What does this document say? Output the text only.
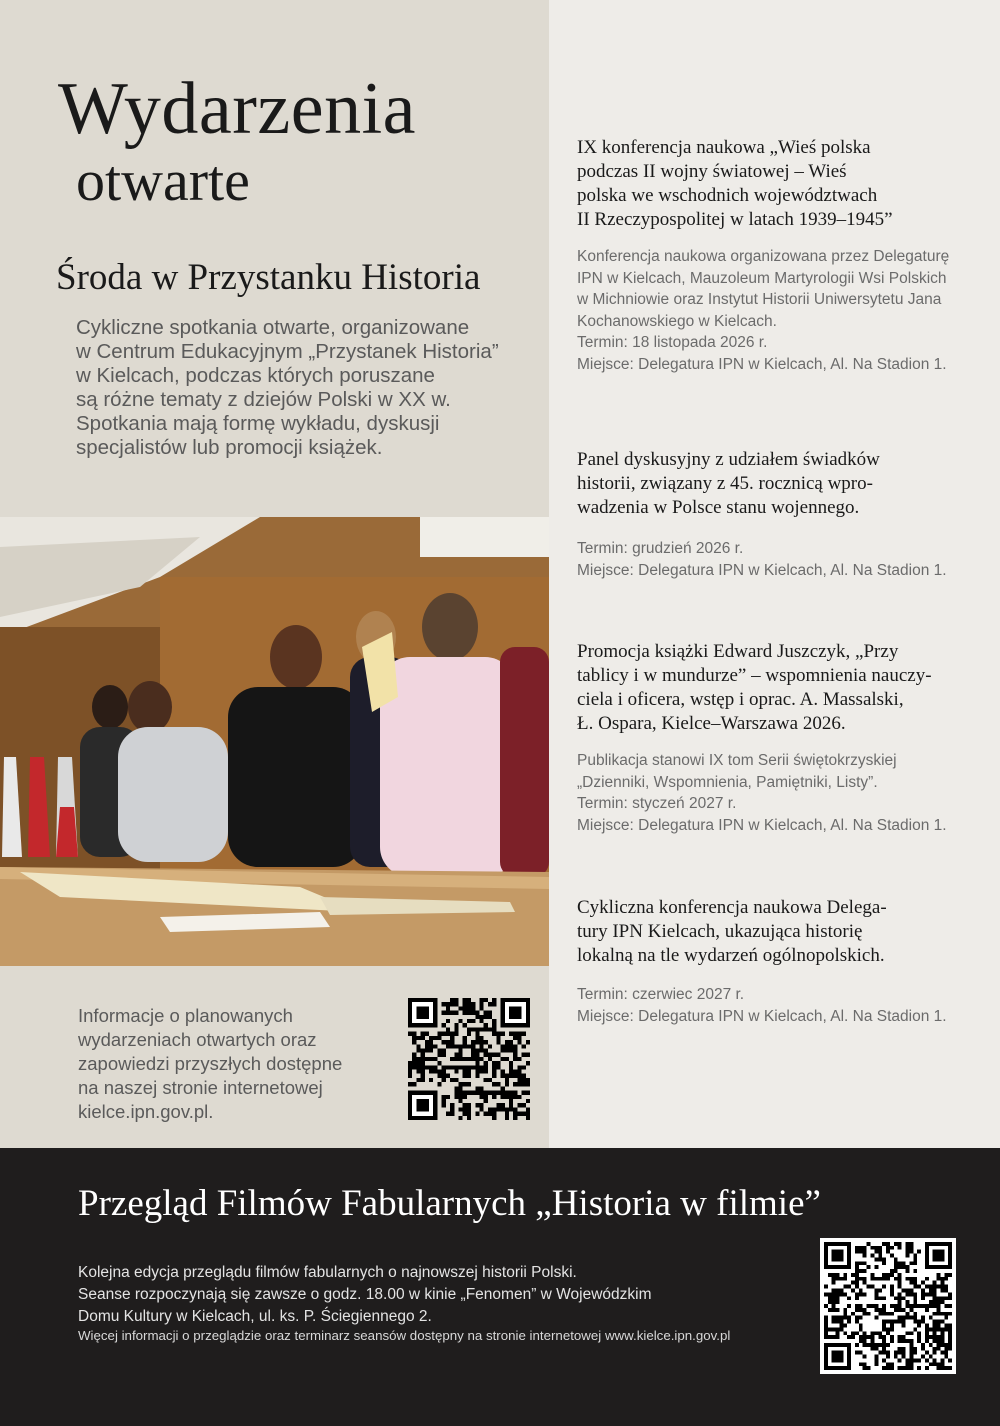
Wydarzenia
otwarte
Środa w Przystanku Historia
Cykliczne spotkania otwarte, organizowane
w Centrum Edukacyjnym „Przystanek Historia”
w Kielcach, podczas których poruszane
są różne tematy z dziejów Polski w XX w.
Spotkania mają formę wykładu, dyskusji
specjalistów lub promocji książek.
Informacje o planowanych
wydarzeniach otwartych oraz
zapowiedzi przyszłych dostępne
na naszej stronie internetowej
kielce.ipn.gov.pl.
IX konferencja naukowa „Wieś polska
podczas II wojny światowej – Wieś
polska we wschodnich województwach
II Rzeczypospolitej w latach 1939–1945”
Konferencja naukowa organizowana przez Delegaturę
IPN w Kielcach, Mauzoleum Martyrologii Wsi Polskich
w Michniowie oraz Instytut Historii Uniwersytetu Jana
Kochanowskiego w Kielcach.
Termin: 18 listopada 2026 r.
Miejsce: Delegatura IPN w Kielcach, Al. Na Stadion 1.
Panel dyskusyjny z udziałem świadków
historii, związany z 45. rocznicą wpro-
wadzenia w Polsce stanu wojennego.
Termin: grudzień 2026 r.
Miejsce: Delegatura IPN w Kielcach, Al. Na Stadion 1.
Promocja książki Edward Juszczyk, „Przy
tablicy i w mundurze” – wspomnienia nauczy-
ciela i oficera, wstęp i oprac. A. Massalski,
Ł. Ospara, Kielce–Warszawa 2026.
Publikacja stanowi IX tom Serii świętokrzyskiej
„Dzienniki, Wspomnienia, Pamiętniki, Listy”.
Termin: styczeń 2027 r.
Miejsce: Delegatura IPN w Kielcach, Al. Na Stadion 1.
Cykliczna konferencja naukowa Delega-
tury IPN Kielcach, ukazująca historię
lokalną na tle wydarzeń ogólnopolskich.
Termin: czerwiec 2027 r.
Miejsce: Delegatura IPN w Kielcach, Al. Na Stadion 1.
Przegląd Filmów Fabularnych „Historia w filmie”
Kolejna edycja przeglądu filmów fabularnych o najnowszej historii Polski.
Seanse rozpoczynają się zawsze o godz. 18.00 w kinie „Fenomen” w Wojewódzkim
Domu Kultury w Kielcach, ul. ks. P. Ściegiennego 2.
Więcej informacji o przeglądzie oraz terminarz seansów dostępny na stronie internetowej www.kielce.ipn.gov.pl
